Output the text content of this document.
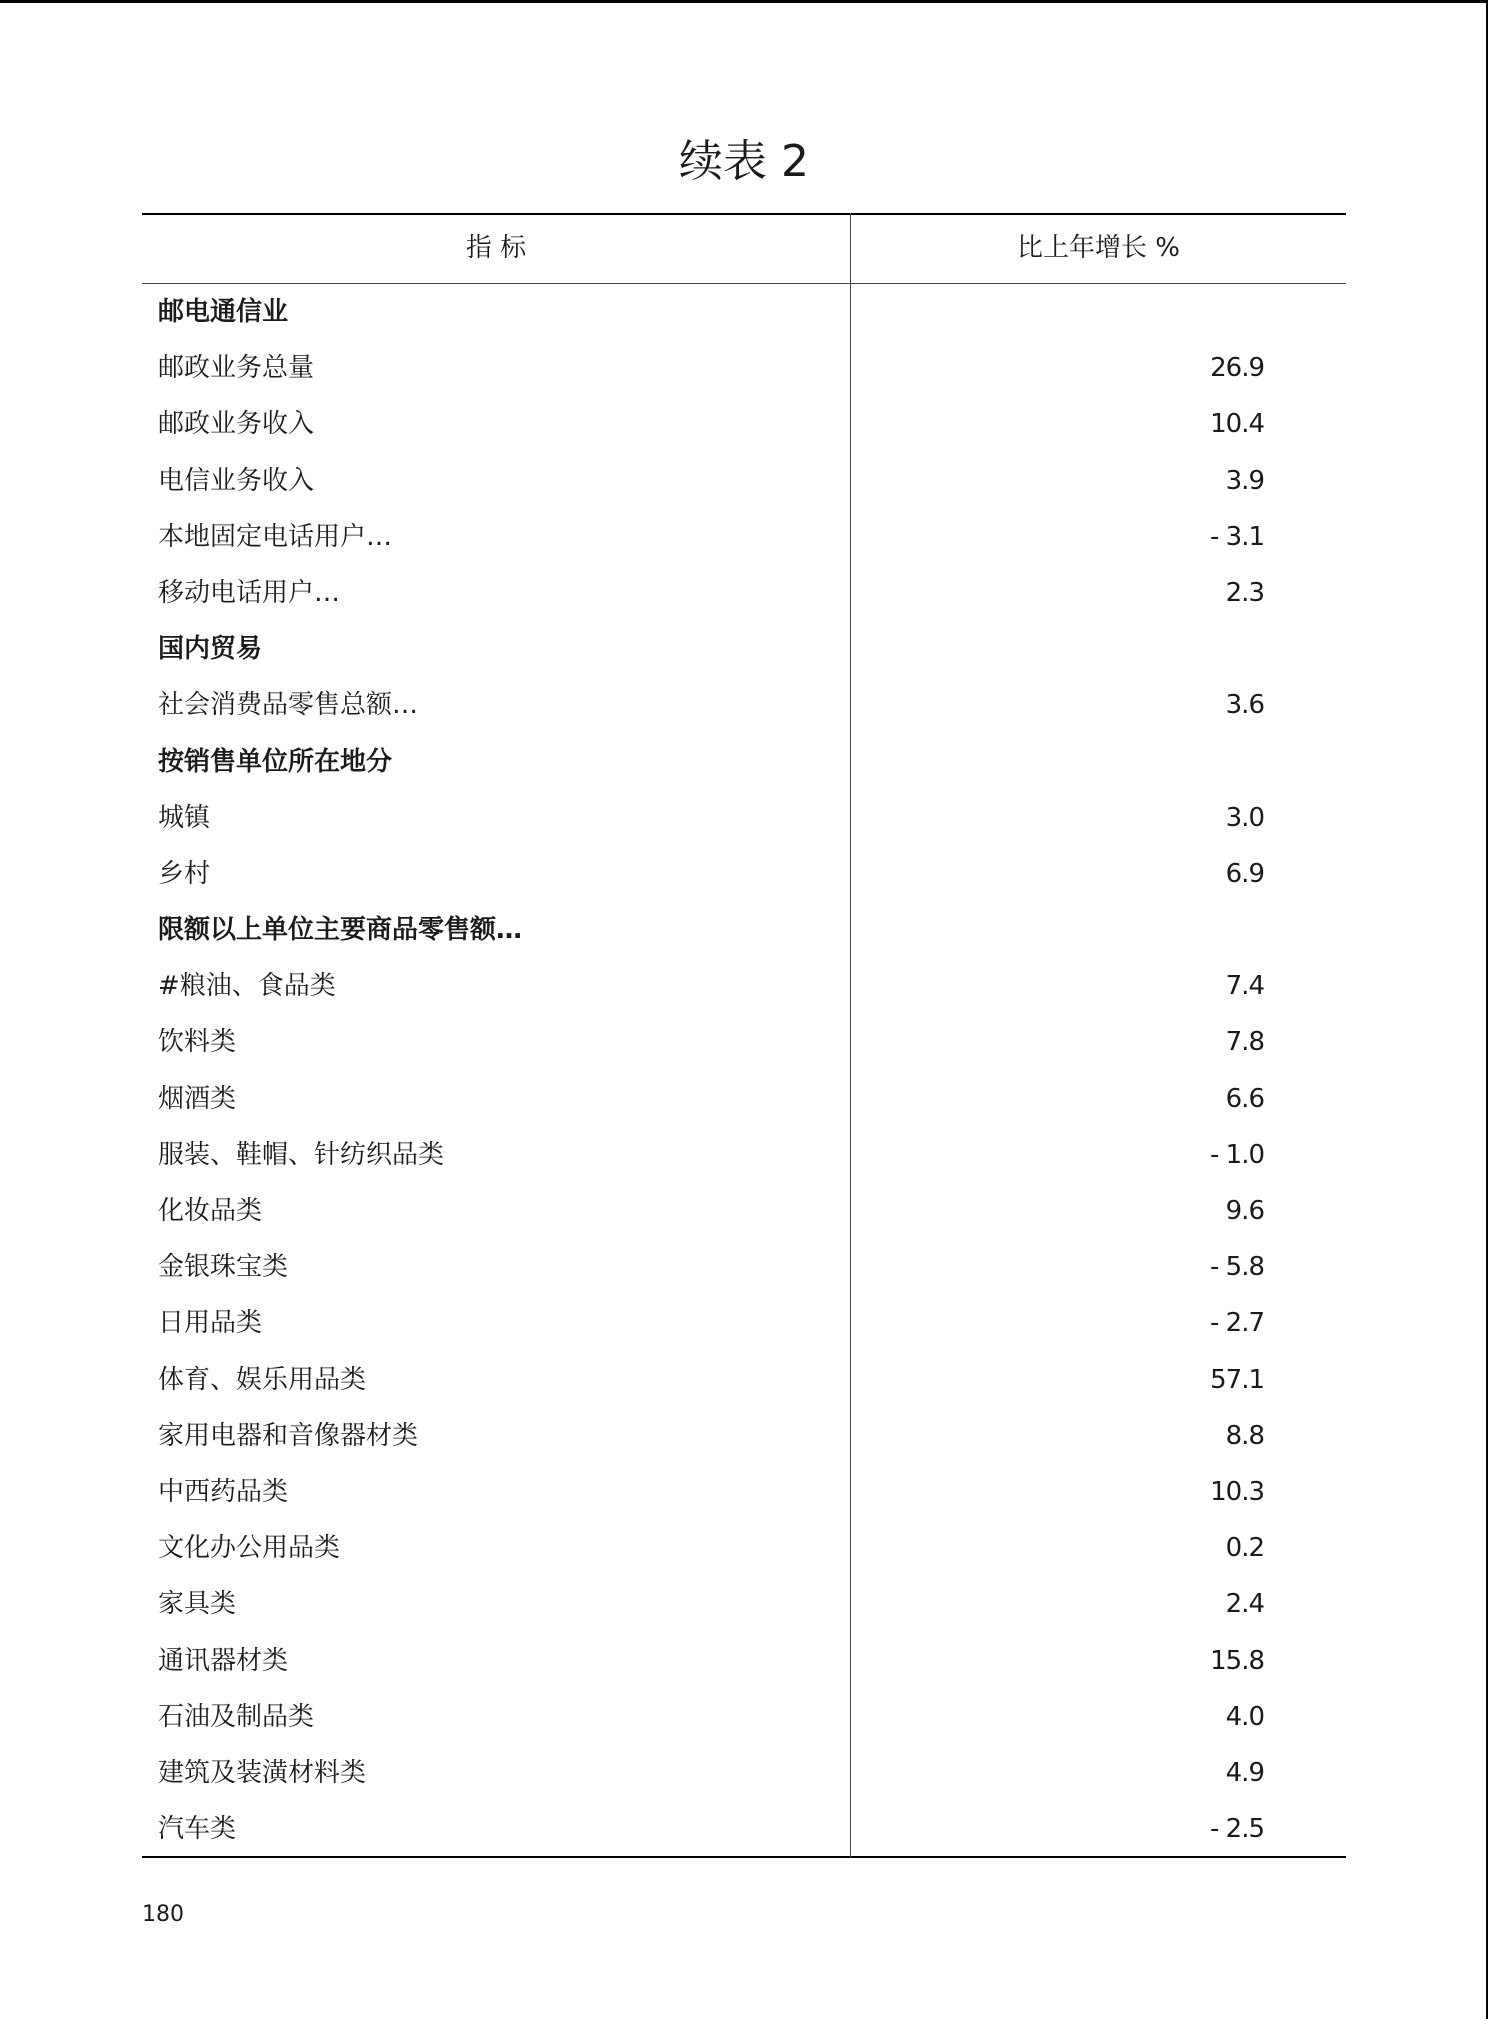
续表 2
指 标	比上年增长 %
邮电通信业
邮政业务总量	26.9
邮政业务收入	10.4
电信业务收入	3.9
本地固定电话用户…	- 3.1
移动电话用户…	2.3
国内贸易
社会消费品零售总额…	3.6
按销售单位所在地分
城镇	3.0
乡村	6.9
限额以上单位主要商品零售额…
#粮油、食品类	7.4
饮料类	7.8
烟酒类	6.6
服装、鞋帽、针纺织品类	- 1.0
化妆品类	9.6
金银珠宝类	- 5.8
日用品类	- 2.7
体育、娱乐用品类	57.1
家用电器和音像器材类	8.8
中西药品类	10.3
文化办公用品类	0.2
家具类	2.4
通讯器材类	15.8
石油及制品类	4.0
建筑及装潢材料类	4.9
汽车类	- 2.5
180
